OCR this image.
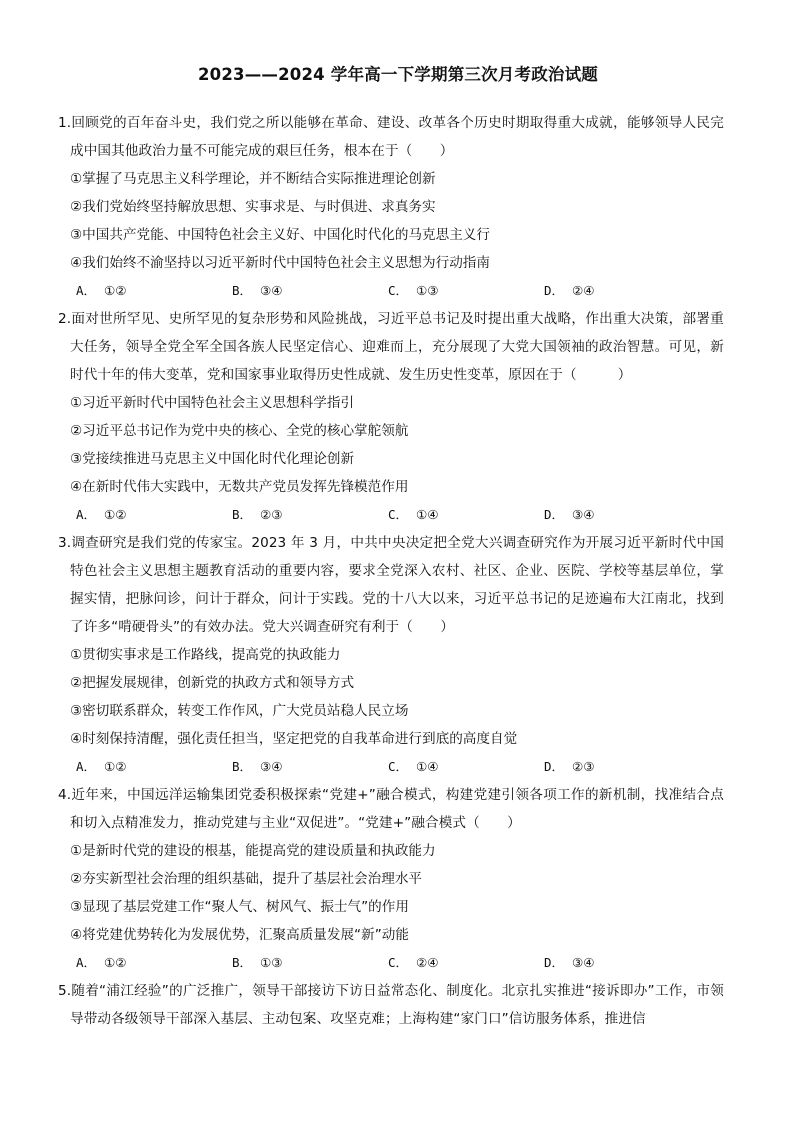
2023——2024 学年高一下学期第三次月考政治试题

1.回顾党的百年奋斗史，我们党之所以能够在革命、建设、改革各个历史时期取得重大成就，能够领导人民完成中国其他政治力量不可能完成的艰巨任务，根本在于（　　）

①掌握了马克思主义科学理论，并不断结合实际推进理论创新

②我们党始终坚持解放思想、实事求是、与时俱进、求真务实

③中国共产党能、中国特色社会主义好、中国化时代化的马克思主义行

④我们始终不渝坚持以习近平新时代中国特色社会主义思想为行动指南

A． ①②	B． ③④	C． ①③	D． ②④

2.面对世所罕见、史所罕见的复杂形势和风险挑战，习近平总书记及时提出重大战略，作出重大决策，部署重大任务，领导全党全军全国各族人民坚定信心、迎难而上，充分展现了大党大国领袖的政治智慧。可见，新时代十年的伟大变革，党和国家事业取得历史性成就、发生历史性变革，原因在于（　　　）

①习近平新时代中国特色社会主义思想科学指引

②习近平总书记作为党中央的核心、全党的核心掌舵领航

③党接续推进马克思主义中国化时代化理论创新

④在新时代伟大实践中，无数共产党员发挥先锋模范作用

A． ①②	B． ②③	C． ①④	D． ③④

3.调查研究是我们党的传家宝。2023 年 3 月，中共中央决定把全党大兴调查研究作为开展习近平新时代中国特色社会主义思想主题教育活动的重要内容，要求全党深入农村、社区、企业、医院、学校等基层单位，掌握实情，把脉问诊，问计于群众，问计于实践。党的十八大以来，习近平总书记的足迹遍布大江南北，找到了许多“啃硬骨头”的有效办法。党大兴调查研究有利于（　　）

①贯彻实事求是工作路线，提高党的执政能力

②把握发展规律，创新党的执政方式和领导方式

③密切联系群众，转变工作作风，广大党员站稳人民立场

④时刻保持清醒，强化责任担当，坚定把党的自我革命进行到底的高度自觉

A． ①②	B． ③④	C． ①④	D． ②③

4.近年来，中国远洋运输集团党委积极探索“党建+”融合模式，构建党建引领各项工作的新机制，找准结合点和切入点精准发力，推动党建与主业“双促进”。“党建+”融合模式（　　）

①是新时代党的建设的根基，能提高党的建设质量和执政能力

②夯实新型社会治理的组织基础，提升了基层社会治理水平

③显现了基层党建工作“聚人气、树风气、振士气”的作用

④将党建优势转化为发展优势，汇聚高质量发展“新”动能

A． ①②	B． ①③	C． ②④	D． ③④

5.随着“浦江经验”的广泛推广，领导干部接访下访日益常态化、制度化。北京扎实推进“接诉即办”工作，市领导带动各级领导干部深入基层、主动包案、攻坚克难；上海构建“家门口”信访服务体系，推进信
